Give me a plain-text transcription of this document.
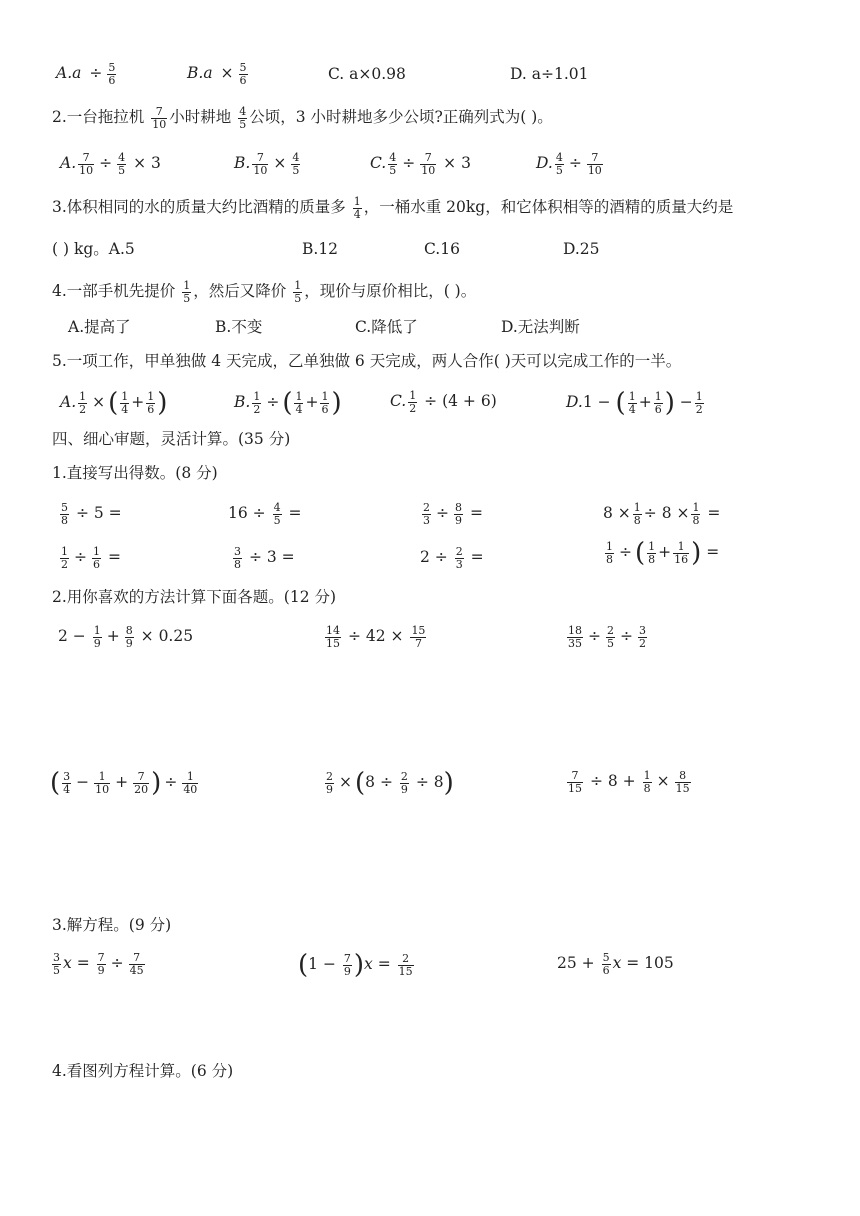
$A.a \div \frac{5}{6}$	$B.a \times \frac{5}{6}$	C. a×0.98	D. a÷1.01
2.一台拖拉机 $\frac{7}{10}$ 小时耕地 $\frac{4}{5}$ 公顷，3 小时耕地多少公顷?正确列式为( )。
A. $\frac{7}{10} \div \frac{4}{5} \times 3$	B. $\frac{7}{10} \times \frac{4}{5}$	C. $\frac{4}{5} \div \frac{7}{10} \times 3$	D. $\frac{4}{5} \div \frac{7}{10}$
3.体积相同的水的质量大约比酒精的质量多 $\frac{1}{4}$ ，一桶水重 20kg，和它体积相等的酒精的质量大约是
( ) kg。A.5	B.12	C.16	D.25
4.一部手机先提价 $\frac{1}{5}$ ，然后又降价 $\frac{1}{5}$ ，现价与原价相比，( )。
A.提高了	B.不变	C.降低了	D.无法判断
5.一项工作，甲单独做 4 天完成，乙单独做 6 天完成，两人合作( )天可以完成工作的一半。
A. $\frac{1}{2}$ × ( $\frac{1}{4} + \frac{1}{6}$ )	B. $\frac{1}{2}$ ÷ ( $\frac{1}{4} + \frac{1}{6}$ )	C. $\frac{1}{2} \div (4 + 6)$	D.1 − ( $\frac{1}{4} + \frac{1}{6}$ ) − $\frac{1}{2}$
四、细心审题，灵活计算。(35 分)
1.直接写出得数。(8 分)
$\frac{5}{8} \div 5$ =	$16 \div \frac{4}{5}$ =	$\frac{2}{3} \div \frac{8}{9}$ =	$8 \times \frac{1}{8} \div 8 \times \frac{1}{8}$ =
$\frac{1}{2} \div \frac{1}{6}$ =	$\frac{3}{8} \div 3$ =	$2 \div \frac{2}{3}$ =	$\frac{1}{8}$ ÷ ( $\frac{1}{8} + \frac{1}{16}$ ) =
2.用你喜欢的方法计算下面各题。(12 分)
$2 - \frac{1}{9} + \frac{8}{9} \times 0.25$	$\frac{14}{15} \div 42 \times \frac{15}{7}$	$\frac{18}{35} \div \frac{2}{5} \div \frac{3}{2}$
( $\frac{3}{4} - \frac{1}{10} + \frac{7}{20}$ ) ÷ $\frac{1}{40}$	$\frac{2}{9} \times (8 \div \frac{2}{9} \div 8)$	$\frac{7}{15} \div 8 + \frac{1}{8} \times \frac{8}{15}$
3.解方程。(9 分)
$\frac{3}{5}$ $x = \frac{7}{9} \div \frac{7}{45}$	$(1 - \frac{7}{9} )x = \frac{2}{15}$	$25 + \frac{5}{6}$ x = 105
4.看图列方程计算。(6 分)
